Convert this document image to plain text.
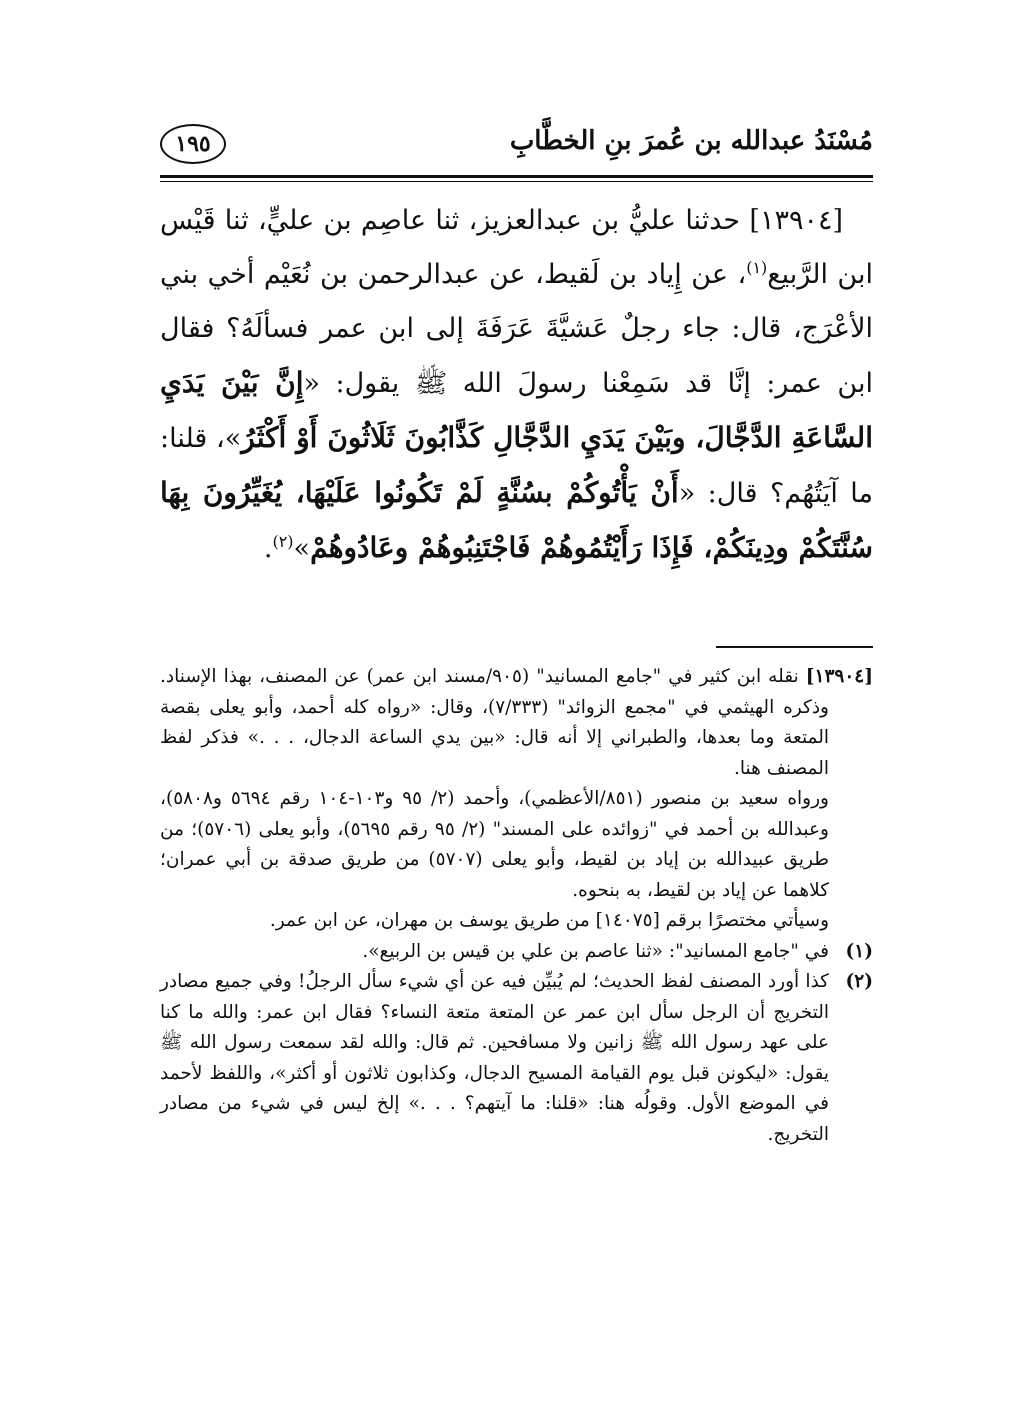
مُسْنَدُ عبدالله بن عُمرَ بنِ الخطَّابِ
١٩٥

[١٣٩٠٤] حدثنا عليُّ بن عبدالعزيز، ثنا عاصِم بن عليٍّ، ثنا قَيْس ابن الرَّبيع$^{(١)}$، عن إِياد بن لَقيط، عن عبدالرحمن بن نُعَيْم أخي بني الأعْرَج، قال: جاء رجلٌ عَشيَّةَ عَرَفَةَ إلى ابن عمر فسألَهُ؟ فقال ابن عمر: إنَّا قد سَمِعْنا رسولَ الله ﷺ يقول: «إِنَّ بَيْنَ يَدَيِ السَّاعَةِ الدَّجَّالَ، وبَيْنَ يَدَيِ الدَّجَّالِ كَذَّابُونَ ثَلَاثُونَ أَوْ أَكْثَرُ»، قلنا: ما آيَتُهُم؟ قال: «أَنْ يَأْتُوكُمْ بسُنَّةٍ لَمْ تَكُونُوا عَلَيْهَا، يُغَيِّرُونَ بِهَا سُنَّتَكُمْ ودِينَكُمْ، فَإِذَا رَأَيْتُمُوهُمْ فَاجْتَنِبُوهُمْ وعَادُوهُمْ»$^{(٢)}$.

[١٣٩٠٤] نقله ابن كثير في "جامع المسانيد" (٩٠٥/مسند ابن عمر) عن المصنف، بهذا الإسناد. وذكره الهيثمي في "مجمع الزوائد" (٧/٣٣٣)، وقال: «رواه كله أحمد، وأبو يعلى بقصة المتعة وما بعدها، والطبراني إلا أنه قال: «بين يدي الساعة الدجال، . . .» فذكر لفظ المصنف هنا.

ورواه سعيد بن منصور (٨٥١/الأعظمي)، وأحمد (٢/ ٩٥ و١٠٣-١٠٤ رقم ٥٦٩٤ و٥٨٠٨)، وعبدالله بن أحمد في "زوائده على المسند" (٢/ ٩٥ رقم ٥٦٩٥)، وأبو يعلى (٥٧٠٦)؛ من طريق عبيدالله بن إياد بن لقيط، وأبو يعلى (٥٧٠٧) من طريق صدقة بن أبي عمران؛ كلاهما عن إياد بن لقيط، به بنحوه.

وسيأتي مختصرًا برقم [١٤٠٧٥] من طريق يوسف بن مهران، عن ابن عمر.

(١)
في "جامع المسانيد": «ثنا عاصم بن علي بن قيس بن الربيع».
(٢)
كذا أورد المصنف لفظ الحديث؛ لم يُبيِّن فيه عن أي شيء سأل الرجلُ! وفي جميع مصادر التخريج أن الرجل سأل ابن عمر عن المتعة متعة النساء؟ فقال ابن عمر: والله ما كنا على عهد رسول الله ﷺ زانين ولا مسافحين. ثم قال: والله لقد سمعت رسول الله ﷺ يقول: «ليكونن قبل يوم القيامة المسيح الدجال، وكذابون ثلاثون أو أكثر»، واللفظ لأحمد في الموضع الأول. وقولُه هنا: «قلنا: ما آيتهم؟ . . .» إلخ ليس في شيء من مصادر التخريج.
